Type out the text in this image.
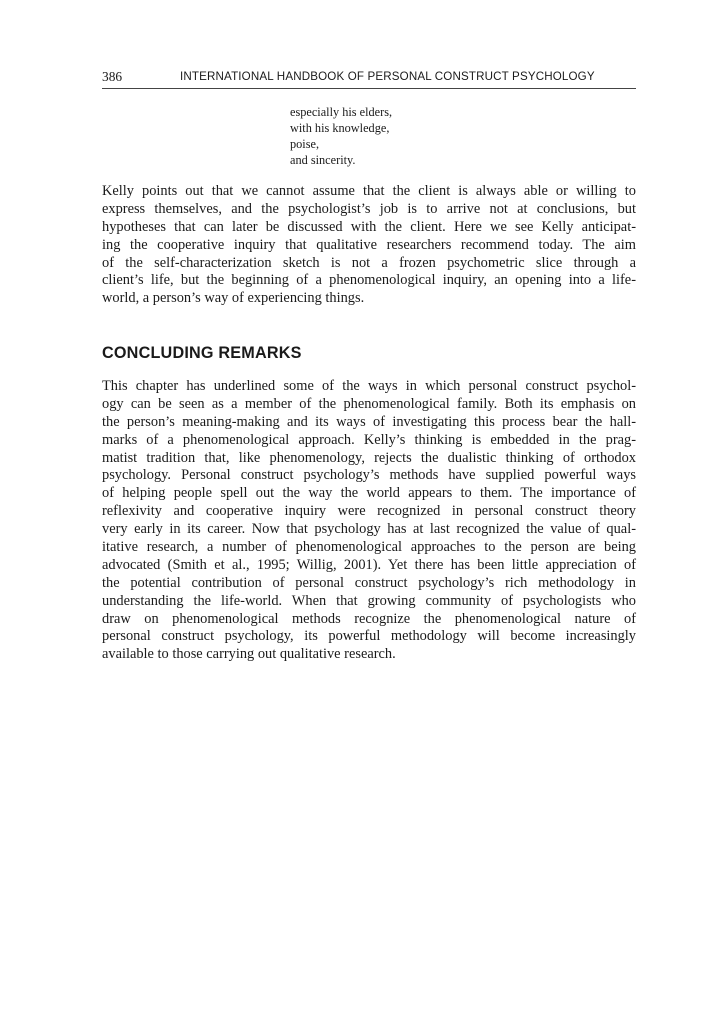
386	INTERNATIONAL HANDBOOK OF PERSONAL CONSTRUCT PSYCHOLOGY
especially his elders,
with his knowledge,
poise,
and sincerity.
Kelly points out that we cannot assume that the client is always able or willing to
express themselves, and the psychologist’s job is to arrive not at conclusions, but
hypotheses that can later be discussed with the client. Here we see Kelly anticipat-
ing the cooperative inquiry that qualitative researchers recommend today. The aim
of the self-characterization sketch is not a frozen psychometric slice through a
client’s life, but the beginning of a phenomenological inquiry, an opening into a life-
world, a person’s way of experiencing things.
CONCLUDING REMARKS
This chapter has underlined some of the ways in which personal construct psychol-
ogy can be seen as a member of the phenomenological family. Both its emphasis on
the person’s meaning-making and its ways of investigating this process bear the hall-
marks of a phenomenological approach. Kelly’s thinking is embedded in the prag-
matist tradition that, like phenomenology, rejects the dualistic thinking of orthodox
psychology. Personal construct psychology’s methods have supplied powerful ways
of helping people spell out the way the world appears to them. The importance of
reflexivity and cooperative inquiry were recognized in personal construct theory
very early in its career. Now that psychology has at last recognized the value of qual-
itative research, a number of phenomenological approaches to the person are being
advocated (Smith et al., 1995; Willig, 2001). Yet there has been little appreciation of
the potential contribution of personal construct psychology’s rich methodology in
understanding the life-world. When that growing community of psychologists who
draw on phenomenological methods recognize the phenomenological nature of
personal construct psychology, its powerful methodology will become increasingly
available to those carrying out qualitative research.
